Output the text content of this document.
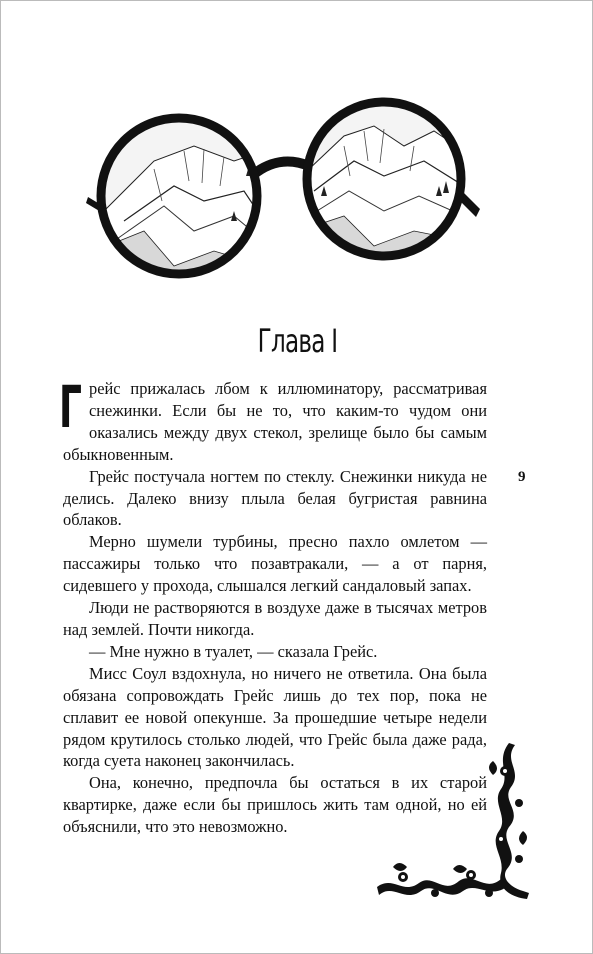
Глава I

Грейс прижалась лбом к иллюминатору, рассматривая снежинки. Если бы не то, что каким-то чудом они оказались между двух стекол, зрелище было бы самым обыкновенным.

Грейс постучала ногтем по стеклу. Снежинки никуда не делись. Далеко внизу плыла белая бугристая равнина облаков.

Мерно шумели турбины, пресно пахло омлетом — пассажиры только что позавтракали, — а от парня, сидевшего у прохода, слышался легкий сандаловый запах.

Люди не растворяются в воздухе даже в тысячах метров над землей. Почти никогда.

— Мне нужно в туалет, — сказала Грейс.

Мисс Соул вздохнула, но ничего не ответила. Она была обязана сопровождать Грейс лишь до тех пор, пока не сплавит ее новой опекунше. За прошедшие четыре недели рядом крутилось столько людей, что Грейс была даже рада, когда суета наконец закончилась.

Она, конечно, предпочла бы остаться в их старой квартирке, даже если бы пришлось жить там одной, но ей объяснили, что это невозможно.

9
